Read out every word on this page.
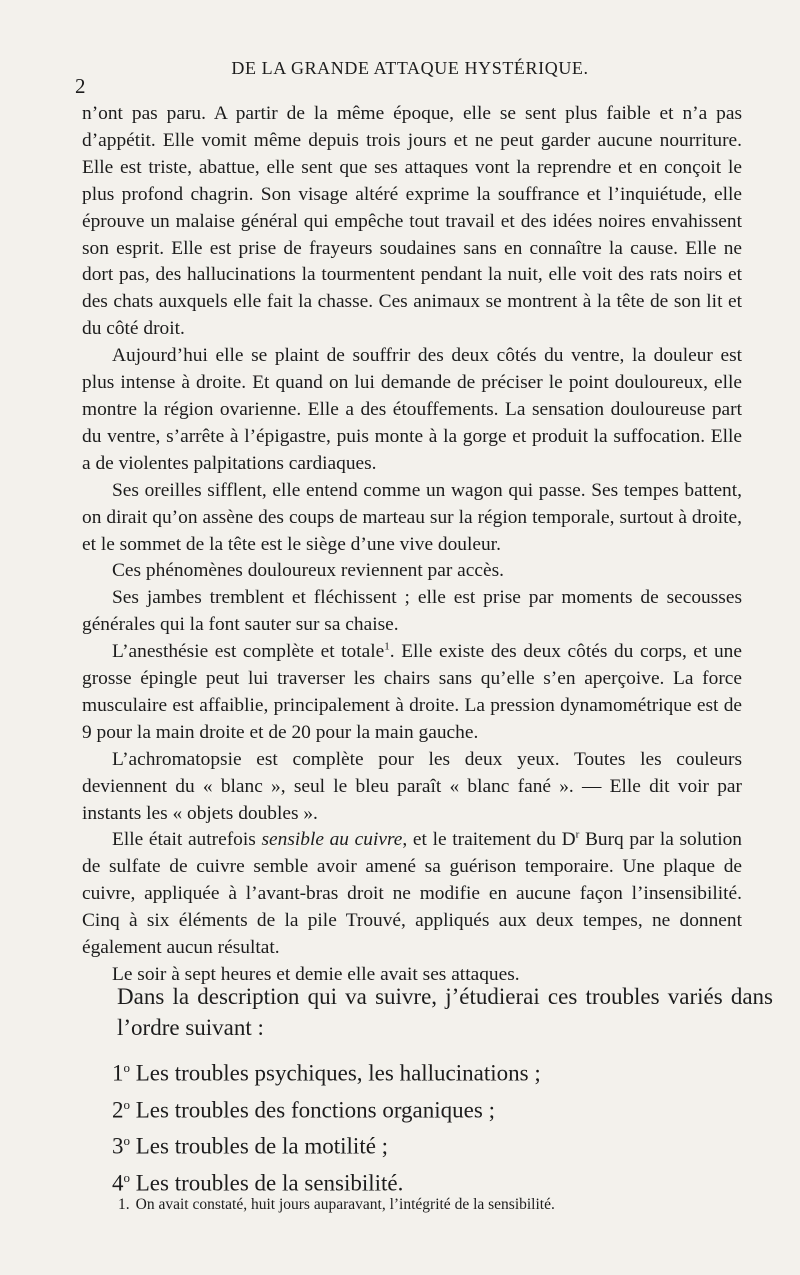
2
DE LA GRANDE ATTAQUE HYSTÉRIQUE.

n’ont pas paru. A partir de la même époque, elle se sent plus faible et n’a pas d’appétit. Elle vomit même depuis trois jours et ne peut garder aucune nourriture. Elle est triste, abattue, elle sent que ses attaques vont la reprendre et en conçoit le plus profond chagrin. Son visage altéré exprime la souffrance et l’inquiétude, elle éprouve un malaise général qui empêche tout travail et des idées noires envahissent son esprit. Elle est prise de frayeurs soudaines sans en connaître la cause. Elle ne dort pas, des hallucinations la tourmentent pendant la nuit, elle voit des rats noirs et des chats auxquels elle fait la chasse. Ces animaux se montrent à la tête de son lit et du côté droit.

Aujourd’hui elle se plaint de souffrir des deux côtés du ventre, la douleur est plus intense à droite. Et quand on lui demande de préciser le point douloureux, elle montre la région ovarienne. Elle a des étouffements. La sensation douloureuse part du ventre, s’arrête à l’épigastre, puis monte à la gorge et produit la suffocation. Elle a de violentes palpitations cardiaques.

Ses oreilles sifflent, elle entend comme un wagon qui passe. Ses tempes battent, on dirait qu’on assène des coups de marteau sur la région temporale, surtout à droite, et le sommet de la tête est le siège d’une vive douleur.

Ces phénomènes douloureux reviennent par accès.

Ses jambes tremblent et fléchissent ; elle est prise par moments de secousses générales qui la font sauter sur sa chaise.

L’anesthésie est complète et totale$^1$. Elle existe des deux côtés du corps, et une grosse épingle peut lui traverser les chairs sans qu’elle s’en aperçoive. La force musculaire est affaiblie, principalement à droite. La pression dynamométrique est de 9 pour la main droite et de 20 pour la main gauche.

L’achromatopsie est complète pour les deux yeux. Toutes les couleurs deviennent du « blanc », seul le bleu paraît « blanc fané ». — Elle dit voir par instants les « objets doubles ».

Elle était autrefois sensible au cuivre, et le traitement du $D^r$ Burq par la solution de sulfate de cuivre semble avoir amené sa guérison temporaire. Une plaque de cuivre, appliquée à l’avant-bras droit ne modifie en aucune façon l’insensibilité. Cinq à six éléments de la pile Trouvé, appliqués aux deux tempes, ne donnent également aucun résultat.

Le soir à sept heures et demie elle avait ses attaques.

Dans la description qui va suivre, j’étudierai ces troubles variés dans l’ordre suivant :

1$^o$ Les troubles psychiques, les hallucinations ;
2$^o$ Les troubles des fonctions organiques ;
3$^o$ Les troubles de la motilité ;
4$^o$ Les troubles de la sensibilité.
1. On avait constaté, huit jours auparavant, l’intégrité de la sensibilité.
